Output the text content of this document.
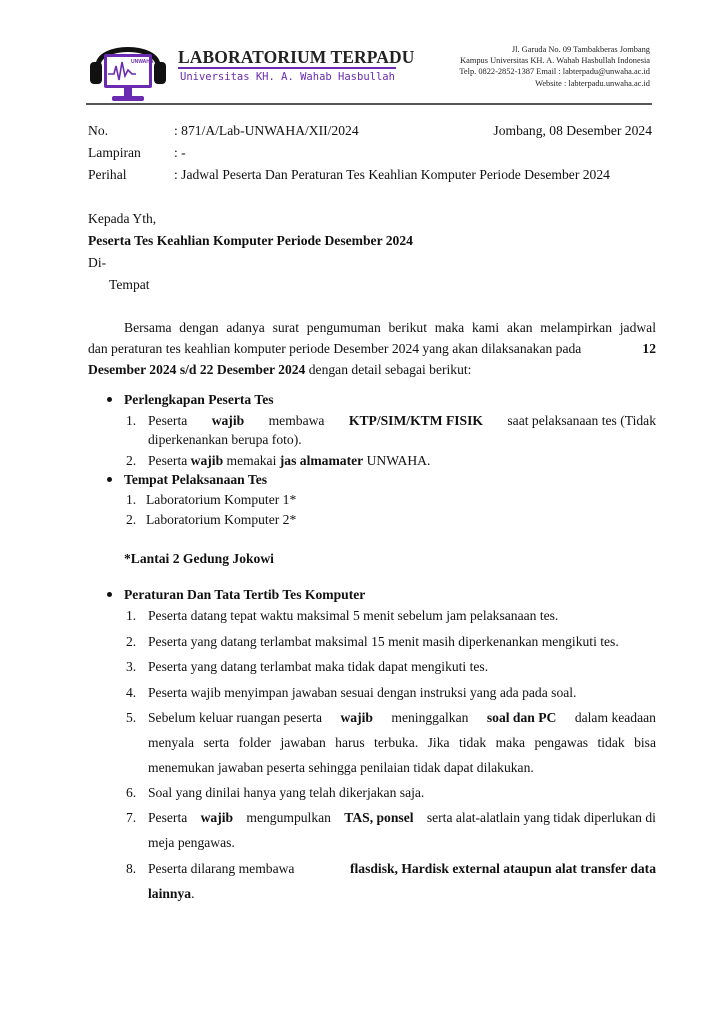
UNWAHA LABORATORIUM TERPADU
Universitas KH. A. Wahab Hasbullah
Jl. Garuda No. 09 Tambakberas Jombang
Kampus Universitas KH. A. Wahab Hasbullah Indonesia
Telp. 0822-2852-1387 Email : labterpadu@unwaha.ac.id
Website : labterpadu.unwaha.ac.id
No.	: 871/A/Lab-UNWAHA/XII/2024	Jombang, 08 Desember 2024
Lampiran : -
Perihal	: Jadwal Peserta Dan Peraturan Tes Keahlian Komputer Periode Desember 2024
Kepada Yth,
Peserta Tes Keahlian Komputer Periode Desember 2024
Di-
Tempat
Bersama dengan adanya surat pengumuman berikut maka kami akan melampirkan jadwal
dan peraturan tes keahlian komputer periode Desember 2024 yang akan dilaksanakan pada	12
Desember 2024 s/d 22 Desember 2024 dengan detail sebagai berikut:
Perlengkapan Peserta Tes
1. Peserta wajib membawa KTP/SIM/KTM FISIK saat pelaksanaan tes (Tidak
diperkenankan berupa foto).
2. Peserta wajib memakai jas almamater UNWAHA.
Tempat Pelaksanaan Tes
1. Laboratorium Komputer 1*
2. Laboratorium Komputer 2*
*Lantai 2 Gedung Jokowi
Peraturan Dan Tata Tertib Tes Komputer
1. Peserta datang tepat waktu maksimal 5 menit sebelum jam pelaksanaan tes.
2. Peserta yang datang terlambat maksimal 15 menit masih diperkenankan mengikuti tes.
3. Peserta yang datang terlambat maka tidak dapat mengikuti tes.
4. Peserta wajib menyimpan jawaban sesuai dengan instruksi yang ada pada soal.
5. Sebelum keluar ruangan peserta wajib meninggalkan soal dan PC dalam keadaan
menyala serta folder jawaban harus terbuka. Jika tidak maka pengawas tidak bisa
menemukan jawaban peserta sehingga penilaian tidak dapat dilakukan.
6. Soal yang dinilai hanya yang telah dikerjakan saja.
7. Peserta wajib mengumpulkan TAS, ponsel serta alat-alatlain yang tidak diperlukan di
meja pengawas.
8. Peserta dilarang membawa	flasdisk, Hardisk external ataupun alat transfer data
lainnya.
